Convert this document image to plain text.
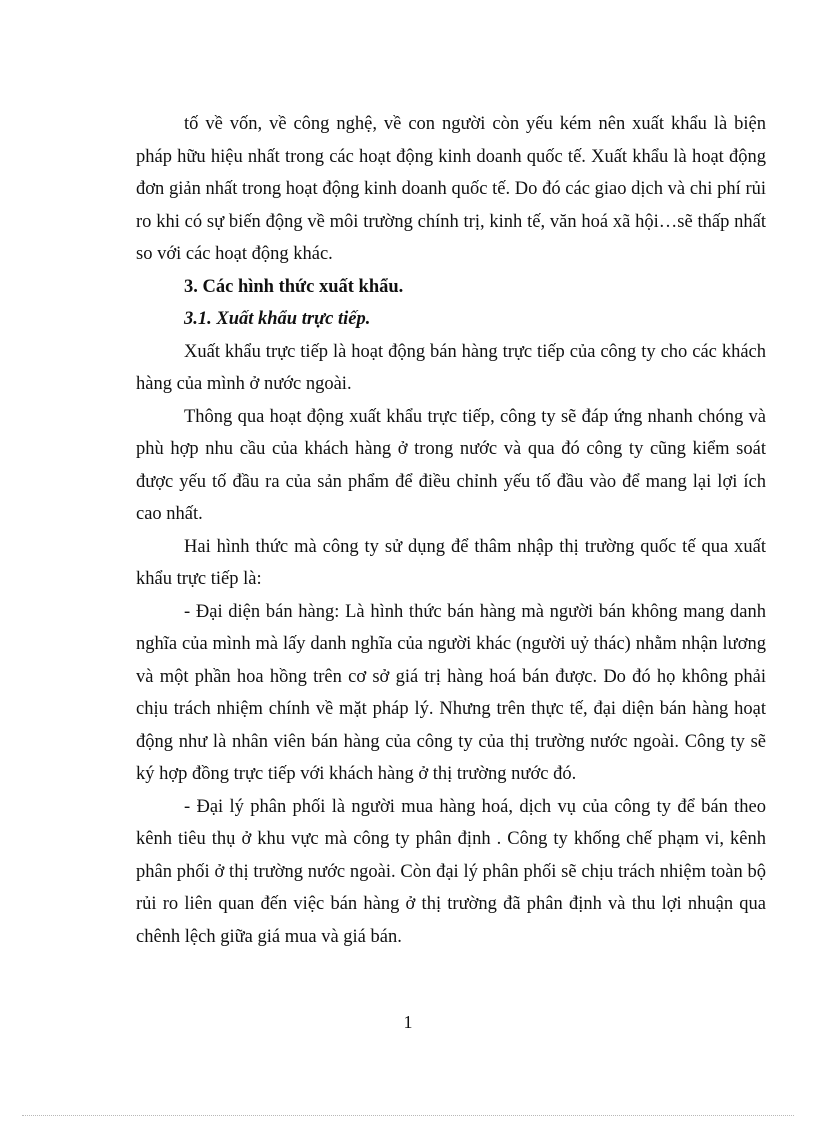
tố về vốn, về công nghệ, về con người còn yếu kém nên xuất khẩu là biện pháp hữu hiệu nhất trong các hoạt động kinh doanh quốc tế. Xuất khẩu là hoạt động đơn giản nhất trong hoạt động kinh doanh quốc tế. Do đó các giao dịch và chi phí rủi ro khi có sự biến động về môi trường chính trị, kinh tế, văn hoá xã hội…sẽ thấp nhất so với các hoạt động khác.

3. Các hình thức xuất khẩu.

3.1. Xuất khẩu trực tiếp.

Xuất khẩu trực tiếp là hoạt động bán hàng trực tiếp của công ty cho các khách hàng của mình ở nước ngoài.

Thông qua hoạt động xuất khẩu trực tiếp, công ty sẽ đáp ứng nhanh chóng và phù hợp nhu cầu của khách hàng ở trong nước và qua đó công ty cũng kiểm soát được yếu tố đầu ra của sản phẩm để điều chỉnh yếu tố đầu vào để mang lại lợi ích cao nhất.

Hai hình thức mà công ty sử dụng để thâm nhập thị trường quốc tế qua xuất khẩu trực tiếp là:

- Đại diện bán hàng: Là hình thức bán hàng mà người bán không mang danh nghĩa của mình mà lấy danh nghĩa của người khác (người uỷ thác) nhằm nhận lương và một phần hoa hồng trên cơ sở giá trị hàng hoá bán được. Do đó họ không phải chịu trách nhiệm chính về mặt pháp lý. Nhưng trên thực tế, đại diện bán hàng hoạt động như là nhân viên bán hàng của công ty của thị trường nước ngoài. Công ty sẽ ký hợp đồng trực tiếp với khách hàng ở thị trường nước đó.

- Đại lý phân phối là người mua hàng hoá, dịch vụ của công ty để bán theo kênh tiêu thụ ở khu vực mà công ty phân định . Công ty khống chế phạm vi, kênh phân phối ở thị trường nước ngoài. Còn đại lý phân phối sẽ chịu trách nhiệm toàn bộ rủi ro liên quan đến việc bán hàng ở thị trường đã phân định và thu lợi nhuận qua chênh lệch giữa giá mua và giá bán.

1
